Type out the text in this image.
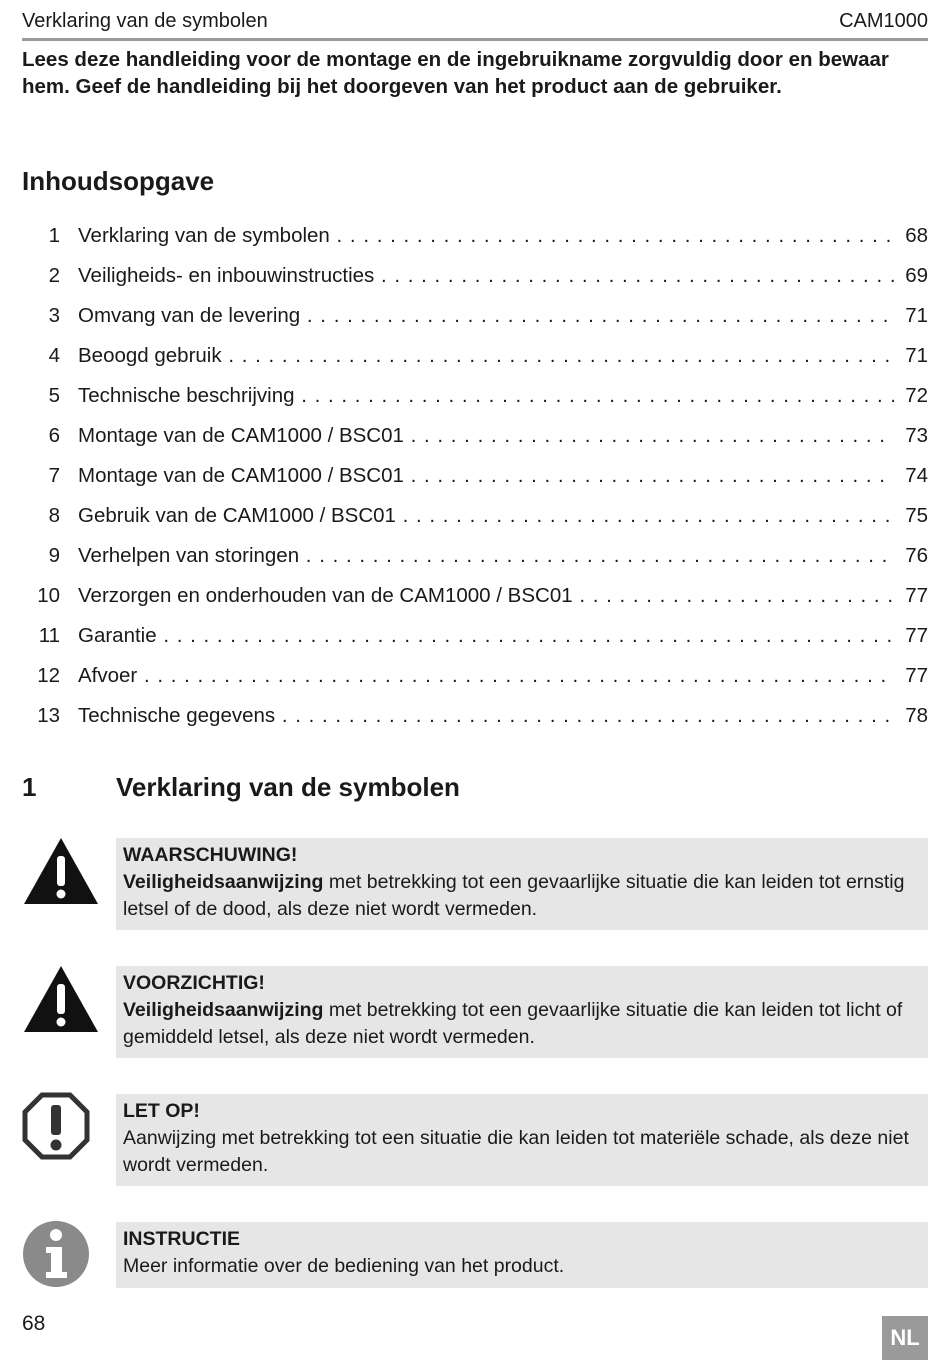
Verklaring van de symbolen	CAM1000
Lees deze handleiding voor de montage en de ingebruikname zorgvuldig door en bewaar hem. Geef de handleiding bij het doorgeven van het product aan de gebruiker.
Inhoudsopgave
1 Verklaring van de symbolen . . .	68
2 Veiligheids- en inbouwinstructies . . .	69
3 Omvang van de levering . . .	71
4 Beoogd gebruik . . .	71
5 Technische beschrijving . . .	72
6 Montage van de CAM1000 / BSC01 . . .	73
7 Montage van de CAM1000 / BSC01 . . .	74
8 Gebruik van de CAM1000 / BSC01 . . .	75
9 Verhelpen van storingen . . .	76
10 Verzorgen en onderhouden van de CAM1000 / BSC01 . . .	77
11 Garantie . . .	77
12 Afvoer . . .	77
13 Technische gegevens . . .	78
1	Verklaring van de symbolen
WAARSCHUWING!
Veiligheidsaanwijzing met betrekking tot een gevaarlijke situatie die kan leiden tot ernstig letsel of de dood, als deze niet wordt vermeden.
VOORZICHTIG!
Veiligheidsaanwijzing met betrekking tot een gevaarlijke situatie die kan leiden tot licht of gemiddeld letsel, als deze niet wordt vermeden.
LET OP!
Aanwijzing met betrekking tot een situatie die kan leiden tot materiële schade, als deze niet wordt vermeden.
INSTRUCTIE
Meer informatie over de bediening van het product.
68
NL
